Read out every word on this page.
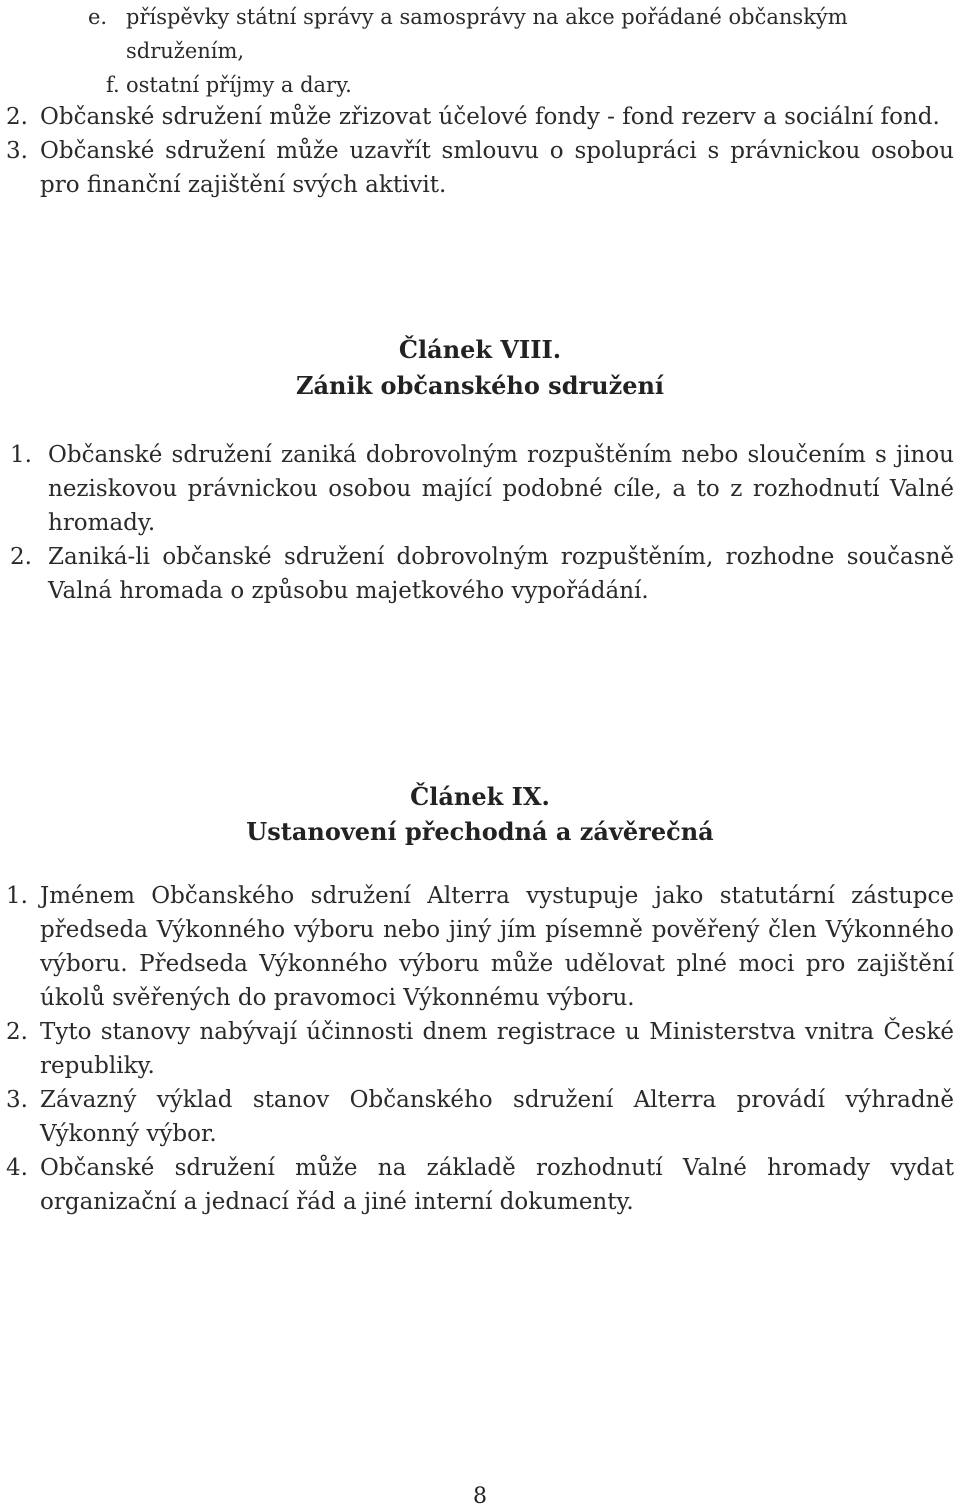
e. příspěvky státní správy a samosprávy na akce pořádané občanským sdružením,
f. ostatní příjmy a dary.
2. Občanské sdružení může zřizovat účelové fondy - fond rezerv a sociální fond.
3. Občanské sdružení může uzavřít smlouvu o spolupráci s právnickou osobou pro finanční zajištění svých aktivit.
Článek VIII.
Zánik občanského sdružení
1. Občanské sdružení zaniká dobrovolným rozpuštěním nebo sloučením s jinou neziskovou právnickou osobou mající podobné cíle, a to z rozhodnutí Valné hromady.
2. Zaniká-li občanské sdružení dobrovolným rozpuštěním, rozhodne současně Valná hromada o způsobu majetkového vypořádání.
Článek IX.
Ustanovení přechodná a závěrečná
1. Jménem Občanského sdružení Alterra vystupuje jako statutární zástupce předseda Výkonného výboru nebo jiný jím písemně pověřený člen Výkonného výboru. Předseda Výkonného výboru může udělovat plné moci pro zajištění úkolů svěřených do pravomoci Výkonnému výboru.
2. Tyto stanovy nabývají účinnosti dnem registrace u Ministerstva vnitra České republiky.
3. Závazný výklad stanov Občanského sdružení Alterra provádí výhradně Výkonný výbor.
4. Občanské sdružení může na základě rozhodnutí Valné hromady vydat organizační a jednací řád a jiné interní dokumenty.
8
